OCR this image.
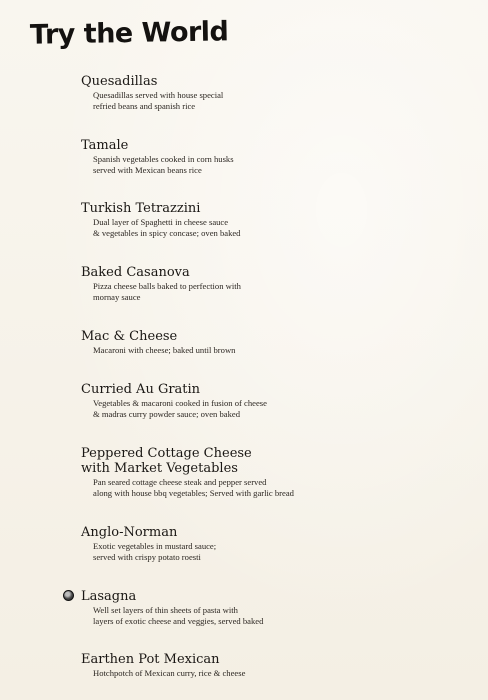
Try the World
Quesadillas
Quesadillas served with house special
refried beans and spanish rice
Tamale
Spanish vegetables cooked in corn husks
served with Mexican beans rice
Turkish Tetrazzini
Dual layer of Spaghetti in cheese sauce
& vegetables in spicy concase; oven baked
Baked Casanova
Pizza cheese balls baked to perfection with
mornay sauce
Mac & Cheese
Macaroni with cheese; baked until brown
Curried Au Gratin
Vegetables & macaroni cooked in fusion of cheese
& madras curry powder sauce; oven baked
Peppered Cottage Cheese
with Market Vegetables
Pan seared cottage cheese steak and pepper served
along with house bbq vegetables; Served with garlic bread
Anglo-Norman
Exotic vegetables in mustard sauce;
served with crispy potato roesti
Lasagna
Well set layers of thin sheets of pasta with
layers of exotic cheese and veggies, served baked
Earthen Pot Mexican
Hotchpotch of Mexican curry, rice & cheese
